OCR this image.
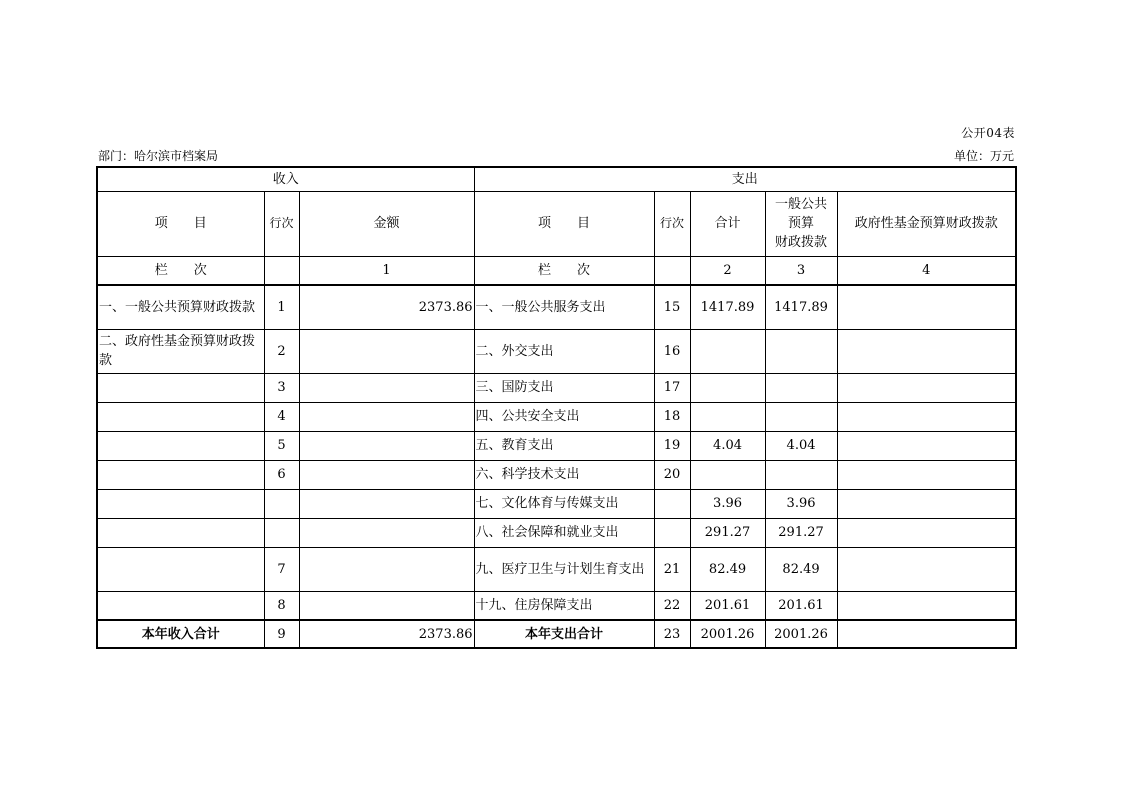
公开04表
部门：哈尔滨市档案局	单位：万元
收入			支出				
项　　目	行次	金额	项　　目	行次	合计	一般公共
预算
财政拨款	政府性基金预算财政拨款
栏　　次		1	栏　　次		2	3	4
一、一般公共预算财政拨款	1	2373.86	一、一般公共服务支出	15	1417.89	1417.89	
二、政府性基金预算财政拨款	2		二、外交支出	16			
	3		三、国防支出	17			
	4		四、公共安全支出	18			
	5		五、教育支出	19	4.04	4.04	
	6		六、科学技术支出	20			
			七、文化体育与传媒支出		3.96	3.96	
			八、社会保障和就业支出		291.27	291.27	
	7		九、医疗卫生与计划生育支出	21	82.49	82.49	
	8		十九、住房保障支出	22	201.61	201.61	
本年收入合计	9	2373.86	本年支出合计	23	2001.26	2001.26	
